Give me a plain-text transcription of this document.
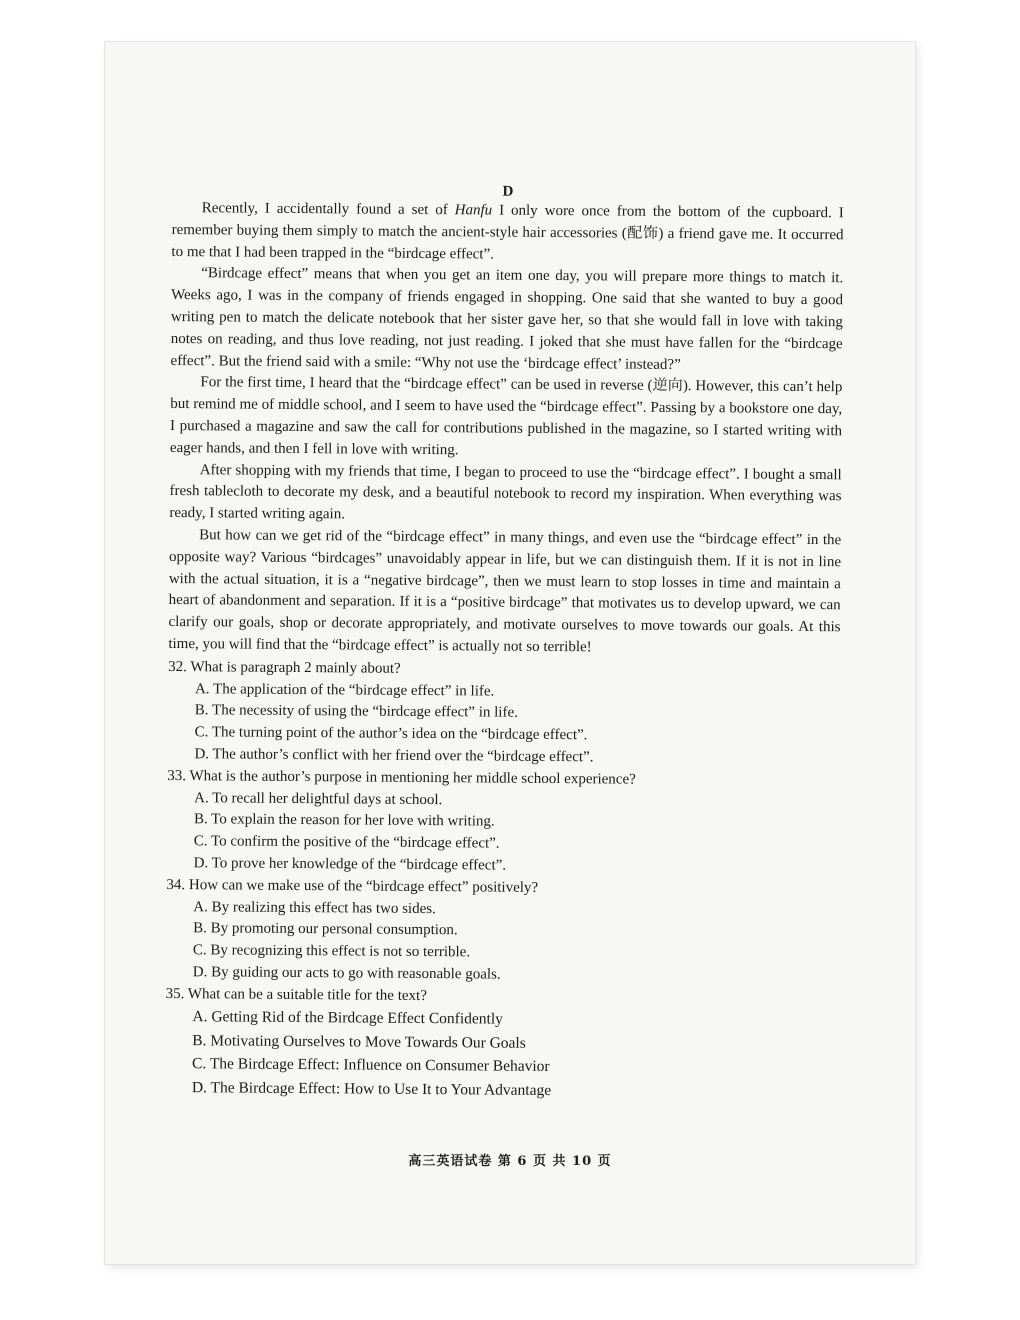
D

Recently, I accidentally found a set of Hanfu I only wore once from the bottom of the cupboard. I remember buying them simply to match the ancient-style hair accessories (配饰) a friend gave me. It occurred to me that I had been trapped in the “birdcage effect”.

“Birdcage effect” means that when you get an item one day, you will prepare more things to match it. Weeks ago, I was in the company of friends engaged in shopping. One said that she wanted to buy a good writing pen to match the delicate notebook that her sister gave her, so that she would fall in love with taking notes on reading, and thus love reading, not just reading. I joked that she must have fallen for the “birdcage effect”. But the friend said with a smile: “Why not use the ‘birdcage effect’ instead?”

For the first time, I heard that the “birdcage effect” can be used in reverse (逆向). However, this can’t help but remind me of middle school, and I seem to have used the “birdcage effect”. Passing by a bookstore one day, I purchased a magazine and saw the call for contributions published in the magazine, so I started writing with eager hands, and then I fell in love with writing.

After shopping with my friends that time, I began to proceed to use the “birdcage effect”. I bought a small fresh tablecloth to decorate my desk, and a beautiful notebook to record my inspiration. When everything was ready, I started writing again.

But how can we get rid of the “birdcage effect” in many things, and even use the “birdcage effect” in the opposite way? Various “birdcages” unavoidably appear in life, but we can distinguish them. If it is not in line with the actual situation, it is a “negative birdcage”, then we must learn to stop losses in time and maintain a heart of abandonment and separation. If it is a “positive birdcage” that motivates us to develop upward, we can clarify our goals, shop or decorate appropriately, and motivate ourselves to move towards our goals. At this time, you will find that the “birdcage effect” is actually not so terrible!

32. What is paragraph 2 mainly about?

A. The application of the “birdcage effect” in life.

B. The necessity of using the “birdcage effect” in life.

C. The turning point of the author’s idea on the “birdcage effect”.

D. The author’s conflict with her friend over the “birdcage effect”.

33. What is the author’s purpose in mentioning her middle school experience?

A. To recall her delightful days at school.

B. To explain the reason for her love with writing.

C. To confirm the positive of the “birdcage effect”.

D. To prove her knowledge of the “birdcage effect”.

34. How can we make use of the “birdcage effect” positively?

A. By realizing this effect has two sides.

B. By promoting our personal consumption.

C. By recognizing this effect is not so terrible.

D. By guiding our acts to go with reasonable goals.

35. What can be a suitable title for the text?

A. Getting Rid of the Birdcage Effect Confidently

B. Motivating Ourselves to Move Towards Our Goals

C. The Birdcage Effect: Influence on Consumer Behavior

D. The Birdcage Effect: How to Use It to Your Advantage

高三英语试卷 第 6 页 共 10 页
